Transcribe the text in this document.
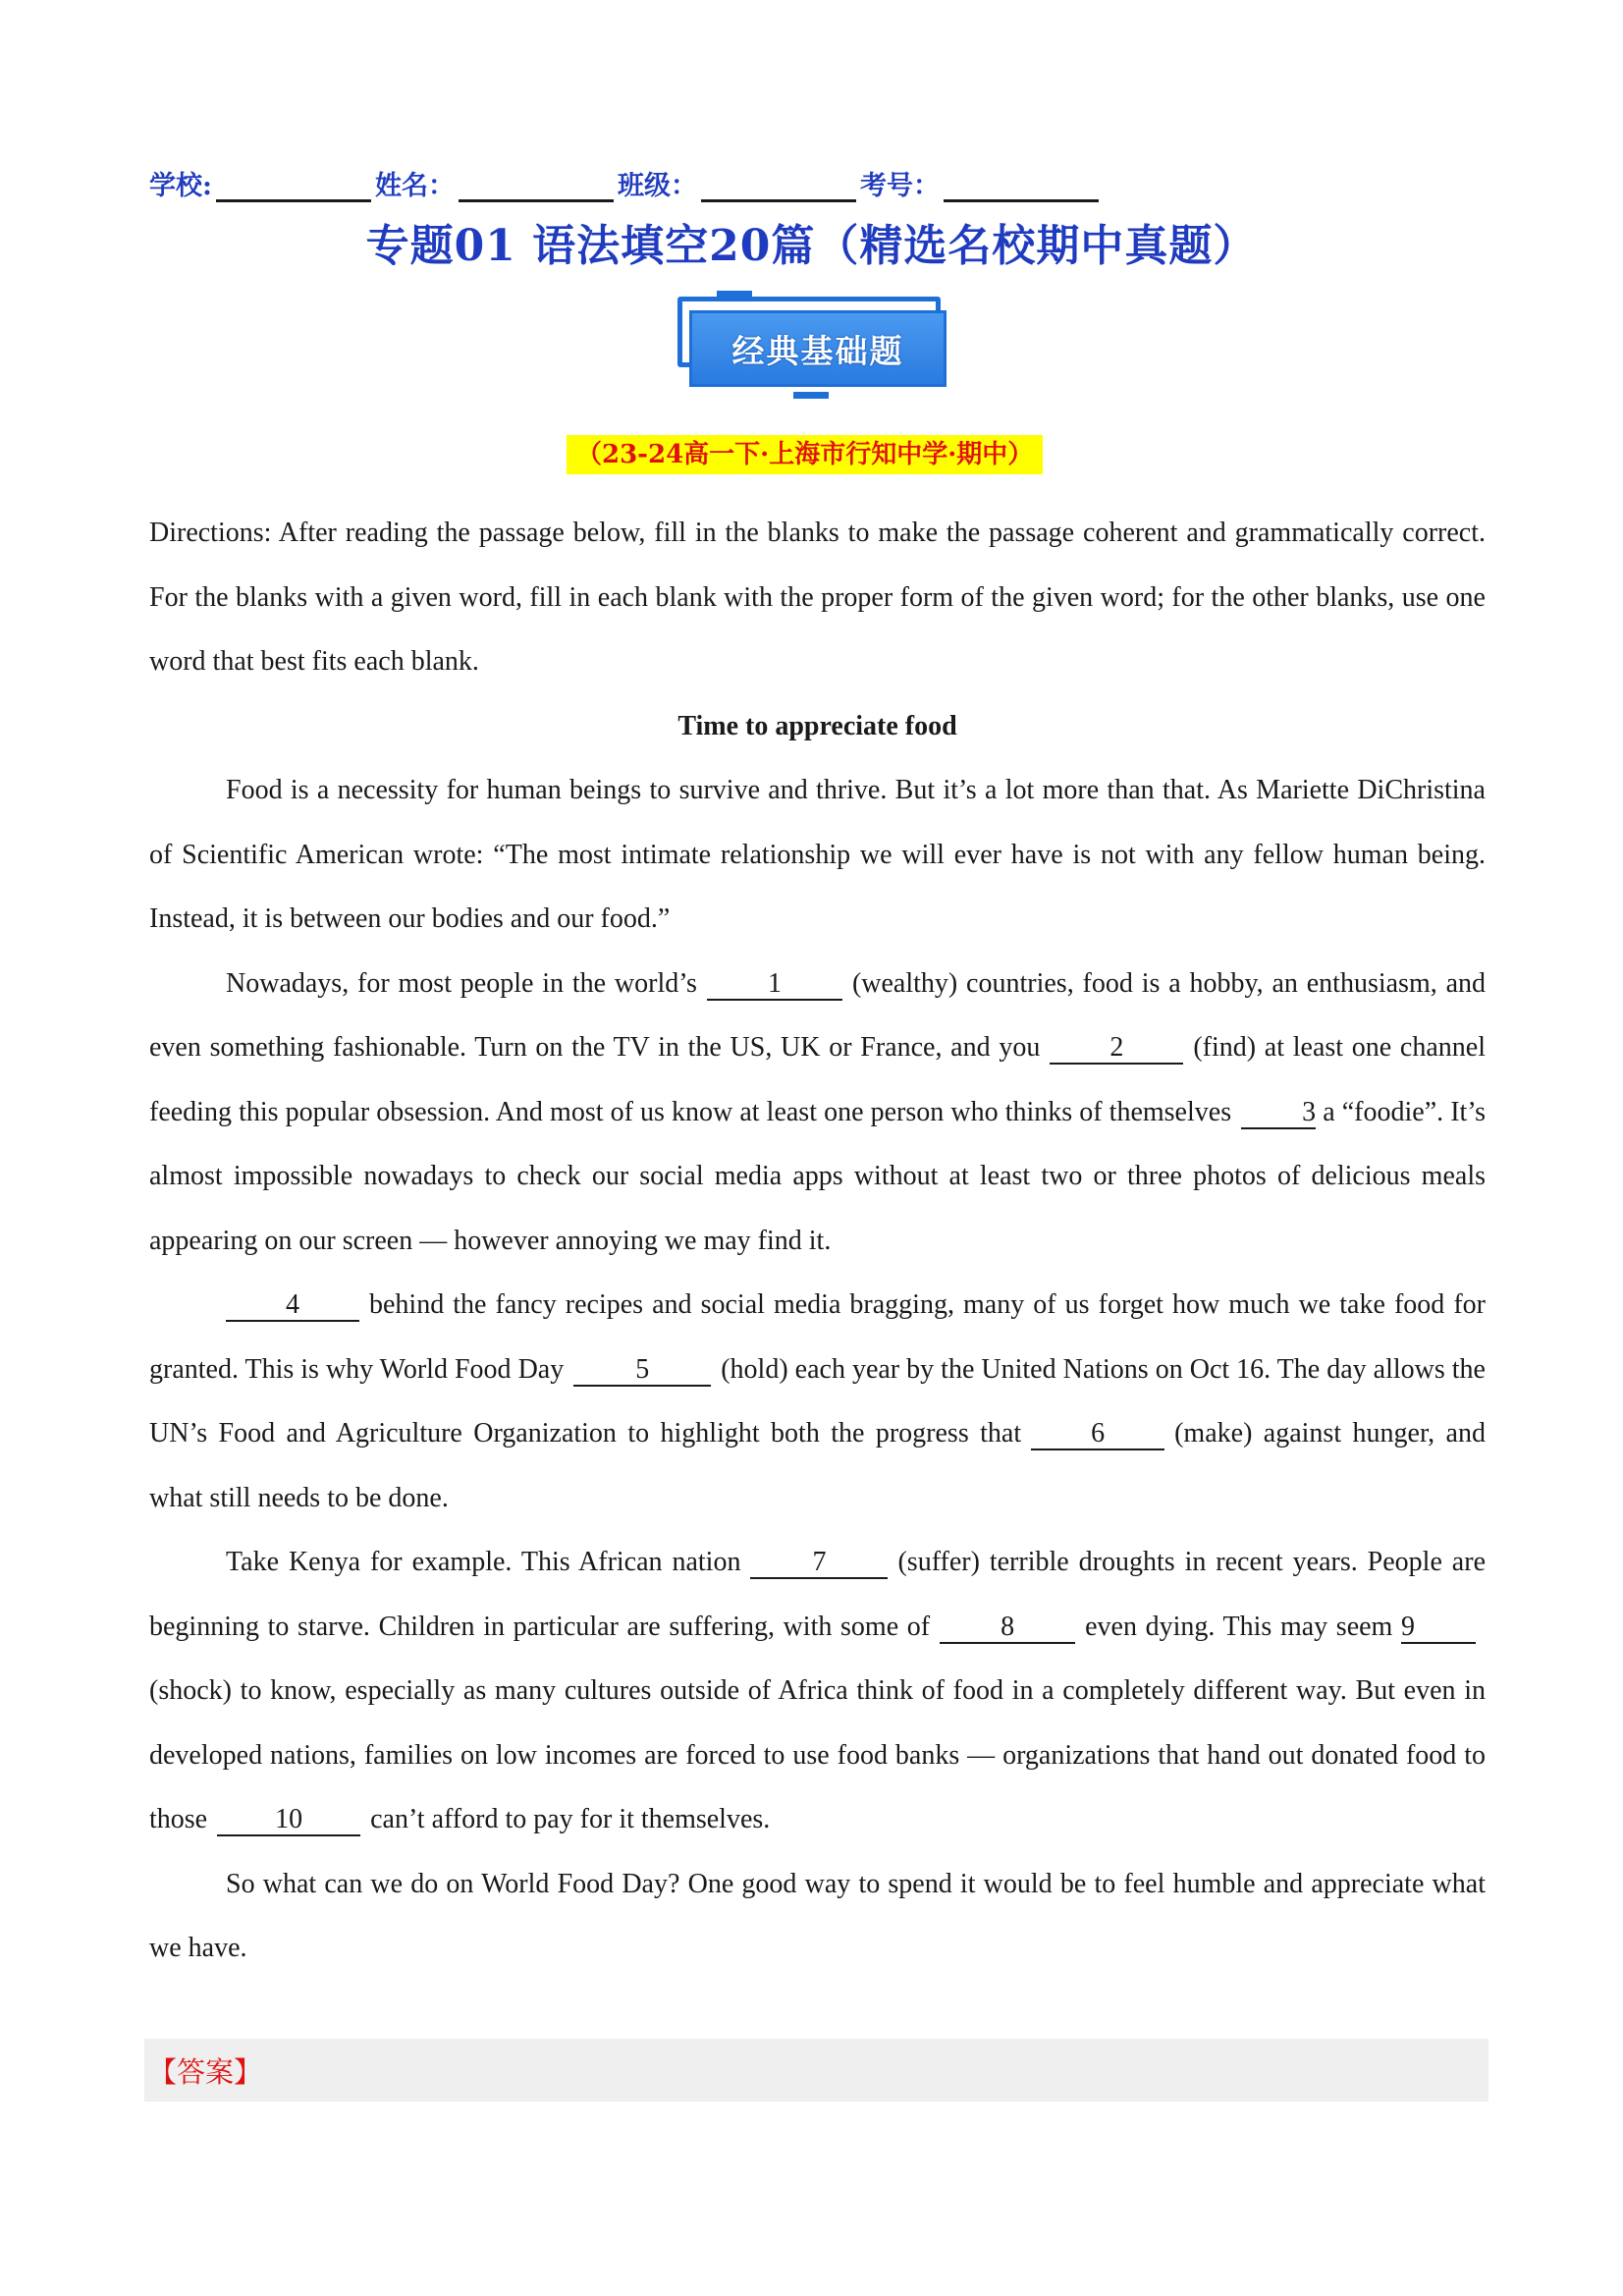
学校:	姓名：	班级：	考号：
专题01 语法填空20篇（精选名校期中真题）
经典基础题
（23-24高一下·上海市行知中学·期中）

Directions: After reading the passage below, fill in the blanks to make the passage coherent and grammatically correct. For the blanks with a given word, fill in each blank with the proper form of the given word; for the other blanks, use one word that best fits each blank.

Time to appreciate food

Food is a necessity for human beings to survive and thrive. But it’s a lot more than that. As Mariette DiChristina of Scientific American wrote: “The most intimate relationship we will ever have is not with any fellow human being. Instead, it is between our bodies and our food.”

Nowadays, for most people in the world’s	1	(wealthy) countries, food is a hobby, an enthusiasm, and even something fashionable. Turn on the TV in the US, UK or France, and you	2	(find) at least one channel feeding this popular obsession. And most of us know at least one person who thinks of themselves	3 a “foodie”. It’s almost impossible nowadays to check our social media apps without at least two or three photos of delicious meals appearing on our screen — however annoying we may find it.

4	behind the fancy recipes and social media bragging, many of us forget how much we take food for granted. This is why World Food Day	5	(hold) each year by the United Nations on Oct 16. The day allows the UN’s Food and Agriculture Organization to highlight both the progress that	6	(make) against hunger, and what still needs to be done.

Take Kenya for example. This African nation	7	(suffer) terrible droughts in recent years. People are beginning to starve. Children in particular are suffering, with some of	8	even dying. This may seem 9(shock) to know, especially as many cultures outside of Africa think of food in a completely different way. But even in developed nations, families on low incomes are forced to use food banks — organizations that hand out donated food to those 10 can’t afford to pay for it themselves.

So what can we do on World Food Day? One good way to spend it would be to feel humble and appreciate what we have.

【答案】
